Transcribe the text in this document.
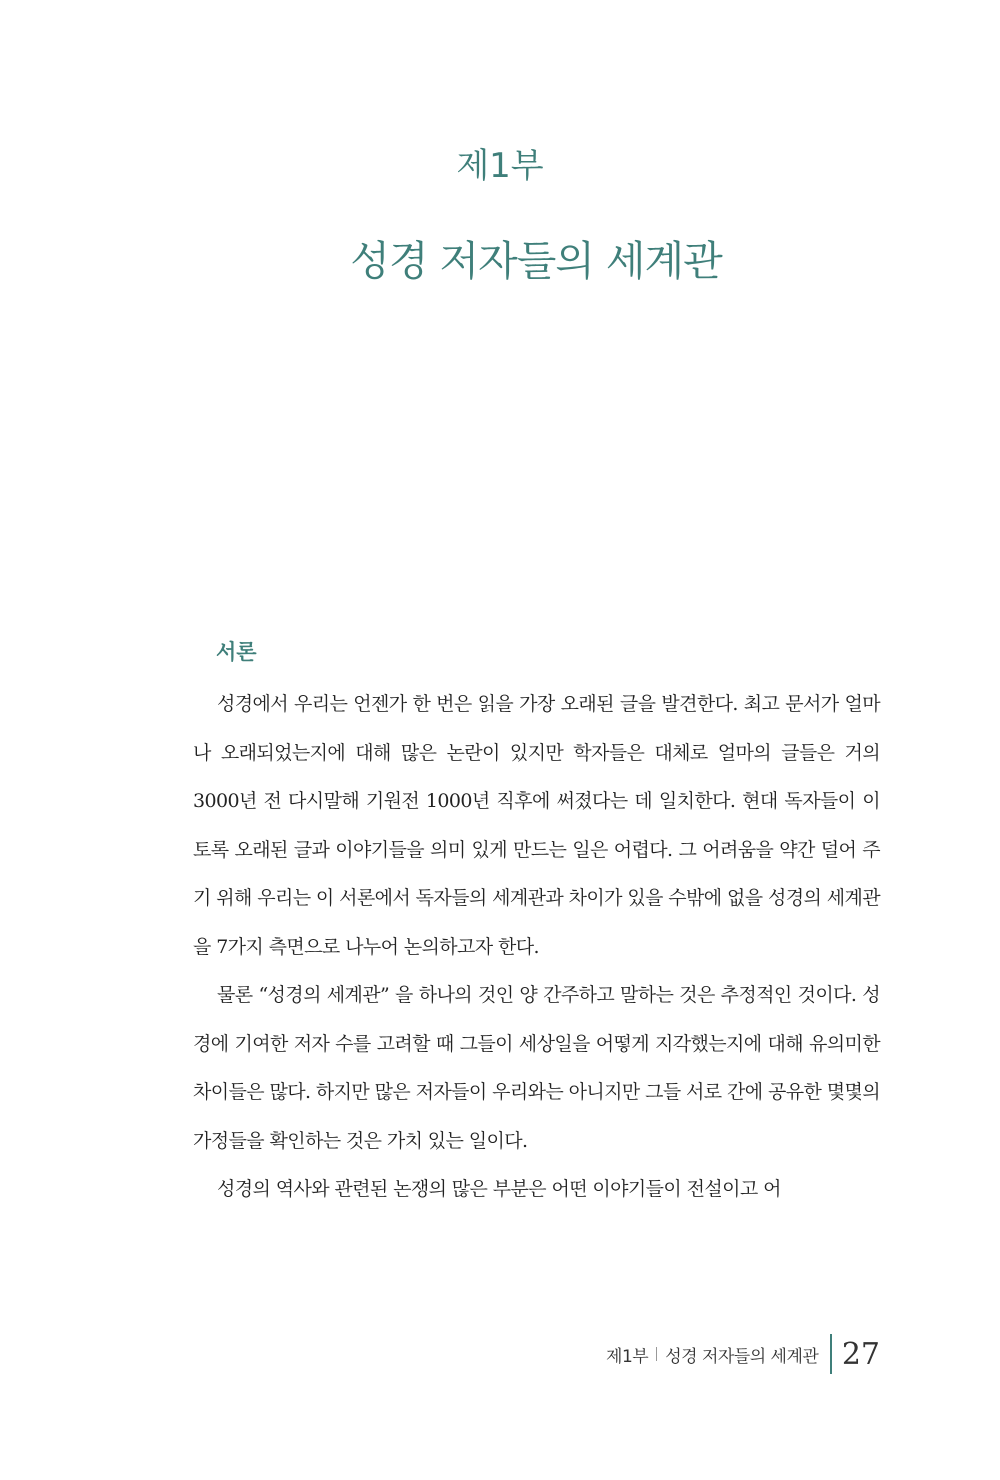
제1부
성경 저자들의 세계관
서론

성경에서 우리는 언젠가 한 번은 읽을 가장 오래된 글을 발견한다. 최고 문서가 얼마나 오래되었는지에 대해 많은 논란이 있지만 학자들은 대체로 얼마의 글들은 거의 3000년 전 다시말해 기원전 1000년 직후에 써졌다는 데 일치한다. 현대 독자들이 이토록 오래된 글과 이야기들을 의미 있게 만드는 일은 어렵다. 그 어려움을 약간 덜어 주기 위해 우리는 이 서론에서 독자들의 세계관과 차이가 있을 수밖에 없을 성경의 세계관을 7가지 측면으로 나누어 논의하고자 한다.

물론 “성경의 세계관” 을 하나의 것인 양 간주하고 말하는 것은 추정적인 것이다. 성경에 기여한 저자 수를 고려할 때 그들이 세상일을 어떻게 지각했는지에 대해 유의미한 차이들은 많다. 하지만 많은 저자들이 우리와는 아니지만 그들 서로 간에 공유한 몇몇의 가정들을 확인하는 것은 가치 있는 일이다.

성경의 역사와 관련된 논쟁의 많은 부분은 어떤 이야기들이 전설이고 어

제1부 성경 저자들의 세계관 27
